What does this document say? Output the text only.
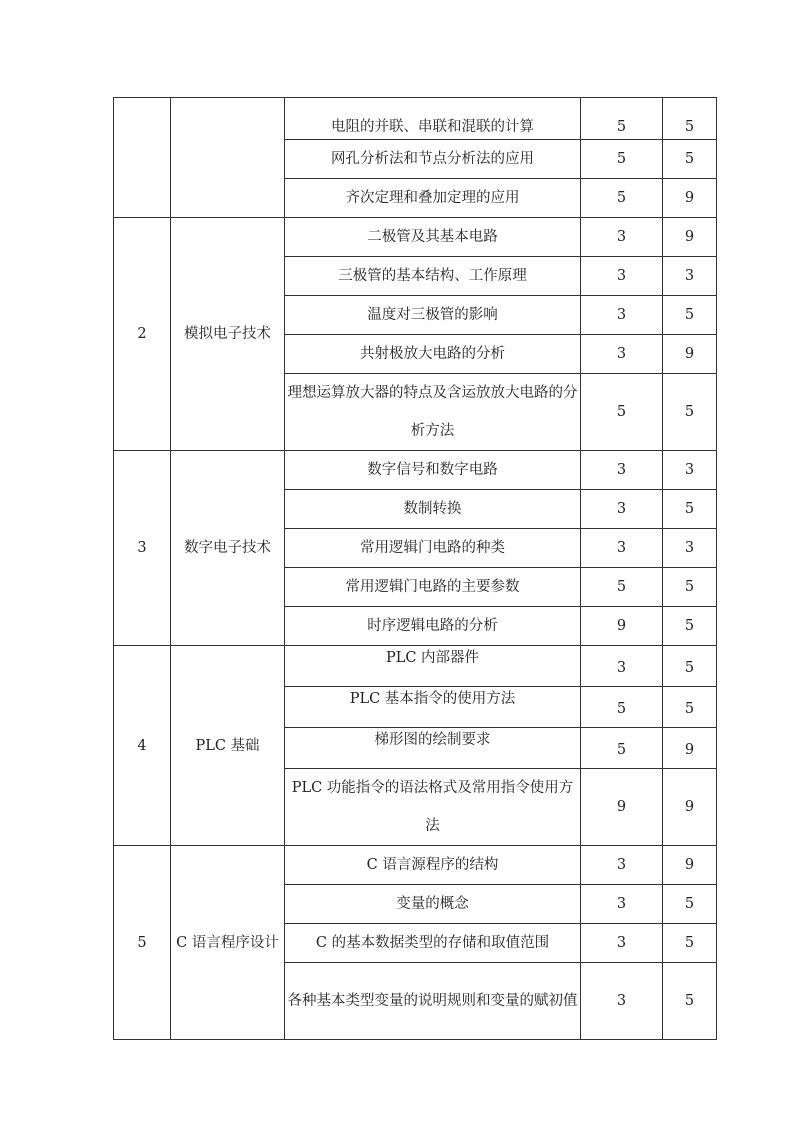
		电阻的并联、串联和混联的计算	5	5
		网孔分析法和节点分析法的应用	5	5
		齐次定理和叠加定理的应用	5	9
2	模拟电子技术	二极管及其基本电路	3	9
		三极管的基本结构、工作原理	3	3
		温度对三极管的影响	3	5
		共射极放大电路的分析	3	9
		理想运算放大器的特点及含运放放大电路的分析方法	5	5
3	数字电子技术	数字信号和数字电路	3	3
		数制转换	3	5
		常用逻辑门电路的种类	3	3
		常用逻辑门电路的主要参数	5	5
		时序逻辑电路的分析	9	5
4	PLC 基础	PLC 内部器件	3	5
		PLC 基本指令的使用方法	5	5
		梯形图的绘制要求	5	9
		PLC 功能指令的语法格式及常用指令使用方法	9	9
5	C 语言程序设计	C 语言源程序的结构	3	9
		变量的概念	3	5
		C 的基本数据类型的存储和取值范围	3	5
		各种基本类型变量的说明规则和变量的赋初值	3	5
